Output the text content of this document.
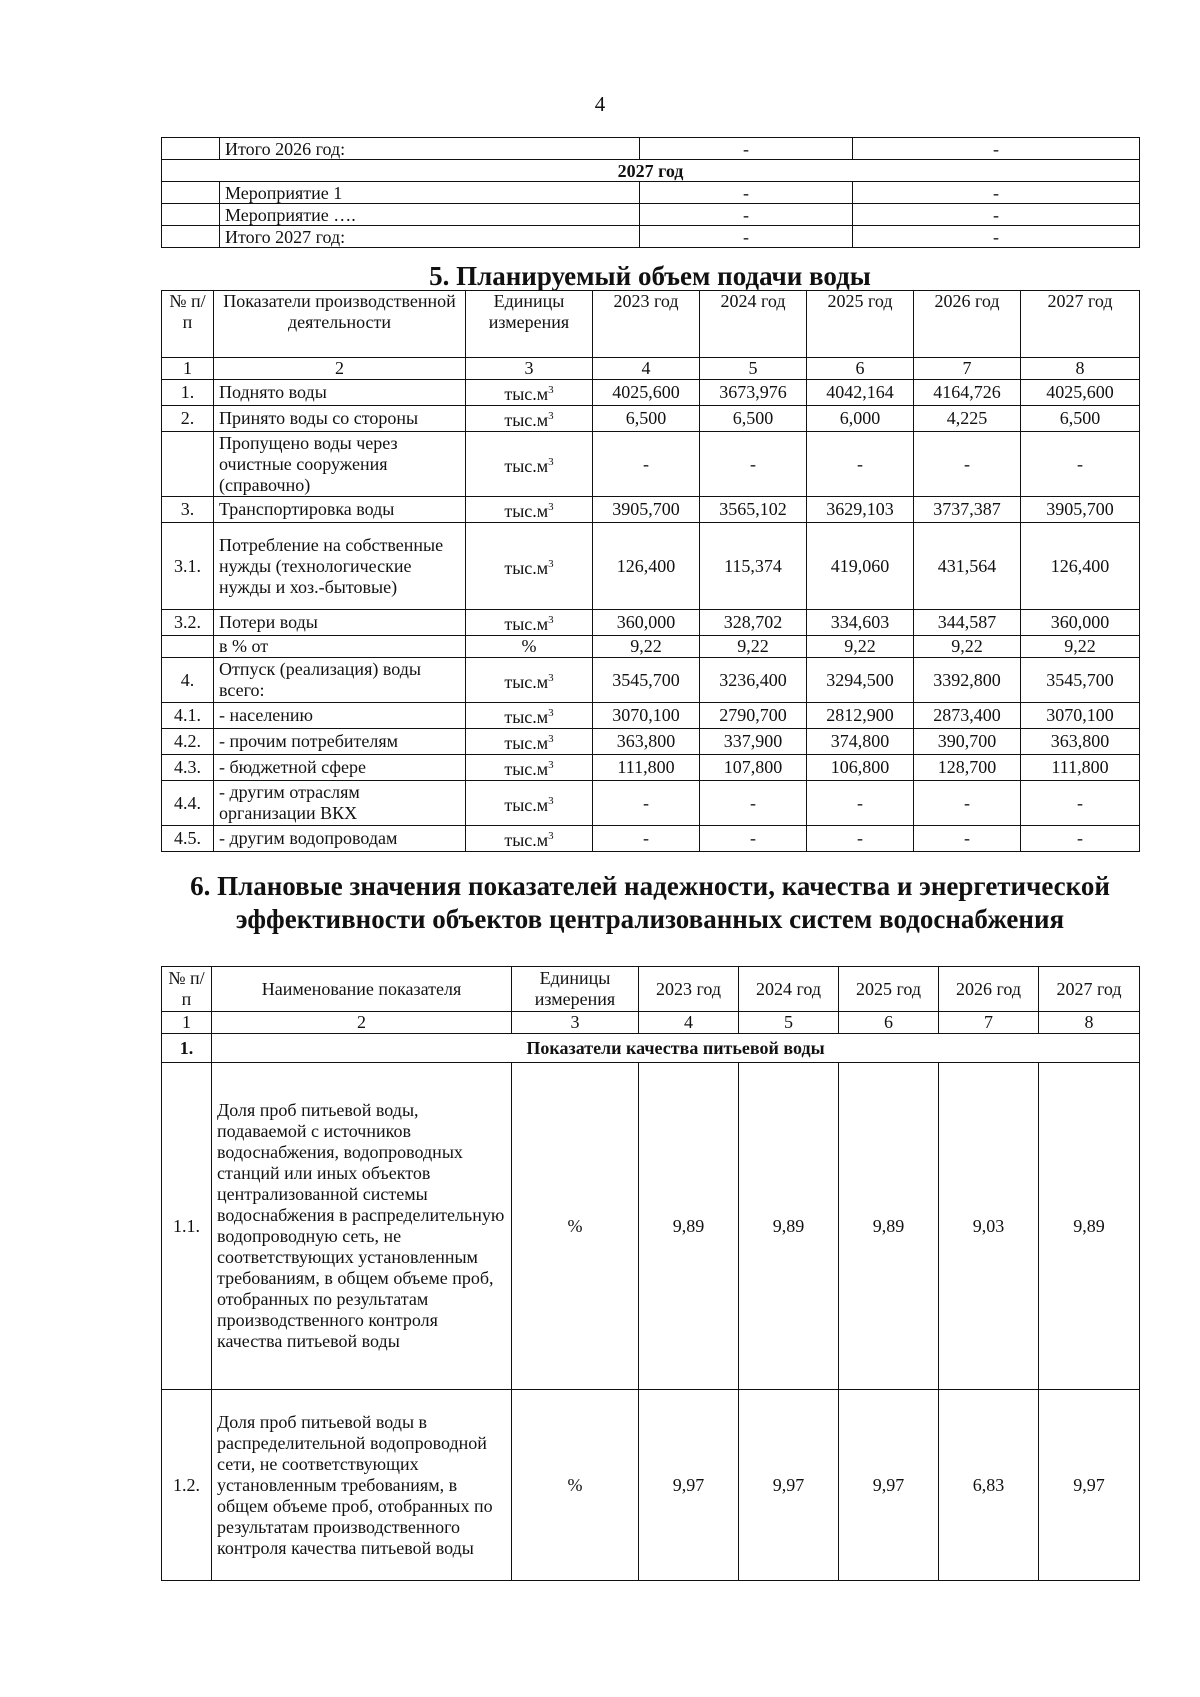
4
	Итого 2026 год:	-	-
2027 год			
	Мероприятие 1	-	-
	Мероприятие ….	-	-
	Итого 2027 год:	-	-
5. Планируемый объем подачи воды
№ п/п	Показатели производственной деятельности	Единицы измерения	2023 год	2024 год	2025 год	2026 год	2027 год
1	2	3	4	5	6	7	8
1.	Поднято воды	$тыс.м^3$	4025,600	3673,976	4042,164	4164,726	4025,600
2.	Принято воды со стороны	$тыс.м^3$	6,500	6,500	6,000	4,225	6,500
	Пропущено воды через очистные сооружения (справочно)	$тыс.м^3$	-	-	-	-	-
3.	Транспортировка воды	$тыс.м^3$	3905,700	3565,102	3629,103	3737,387	3905,700
3.1.	Потребление на собственные нужды (технологические нужды и хоз.-бытовые)	$тыс.м^3$	126,400	115,374	419,060	431,564	126,400
3.2.	Потери воды	$тыс.м^3$	360,000	328,702	334,603	344,587	360,000
	в % от	%	9,22	9,22	9,22	9,22	9,22
4.	Отпуск (реализация) воды всего:	$тыс.м^3$	3545,700	3236,400	3294,500	3392,800	3545,700
4.1.	- населению	$тыс.м^3$	3070,100	2790,700	2812,900	2873,400	3070,100
4.2.	- прочим потребителям	$тыс.м^3$	363,800	337,900	374,800	390,700	363,800
4.3.	- бюджетной сфере	$тыс.м^3$	111,800	107,800	106,800	128,700	111,800
4.4.	- другим отраслям организации ВКХ	$тыс.м^3$	-	-	-	-	-
4.5.	- другим водопроводам	$тыс.м^3$	-	-	-	-	-
6. Плановые значения показателей надежности, качества и энергетической эффективности объектов централизованных систем водоснабжения
№ п/п	Наименование показателя	Единицы измерения	2023 год	2024 год	2025 год	2026 год	2027 год
1	2	3	4	5	6	7	8
1.	Показатели качества питьевой воды						
1.1.	Доля проб питьевой воды, подаваемой с источников водоснабжения, водопроводных станций или иных объектов централизованной системы водоснабжения в распределительную водопроводную сеть, не соответствующих установленным требованиям, в общем объеме проб, отобранных по результатам производственного контроля качества питьевой воды	%	9,89	9,89	9,89	9,03	9,89
1.2.	Доля проб питьевой воды в распределительной водопроводной сети, не соответствующих установленным требованиям, в общем объеме проб, отобранных по результатам производственного контроля качества питьевой воды	%	9,97	9,97	9,97	6,83	9,97
